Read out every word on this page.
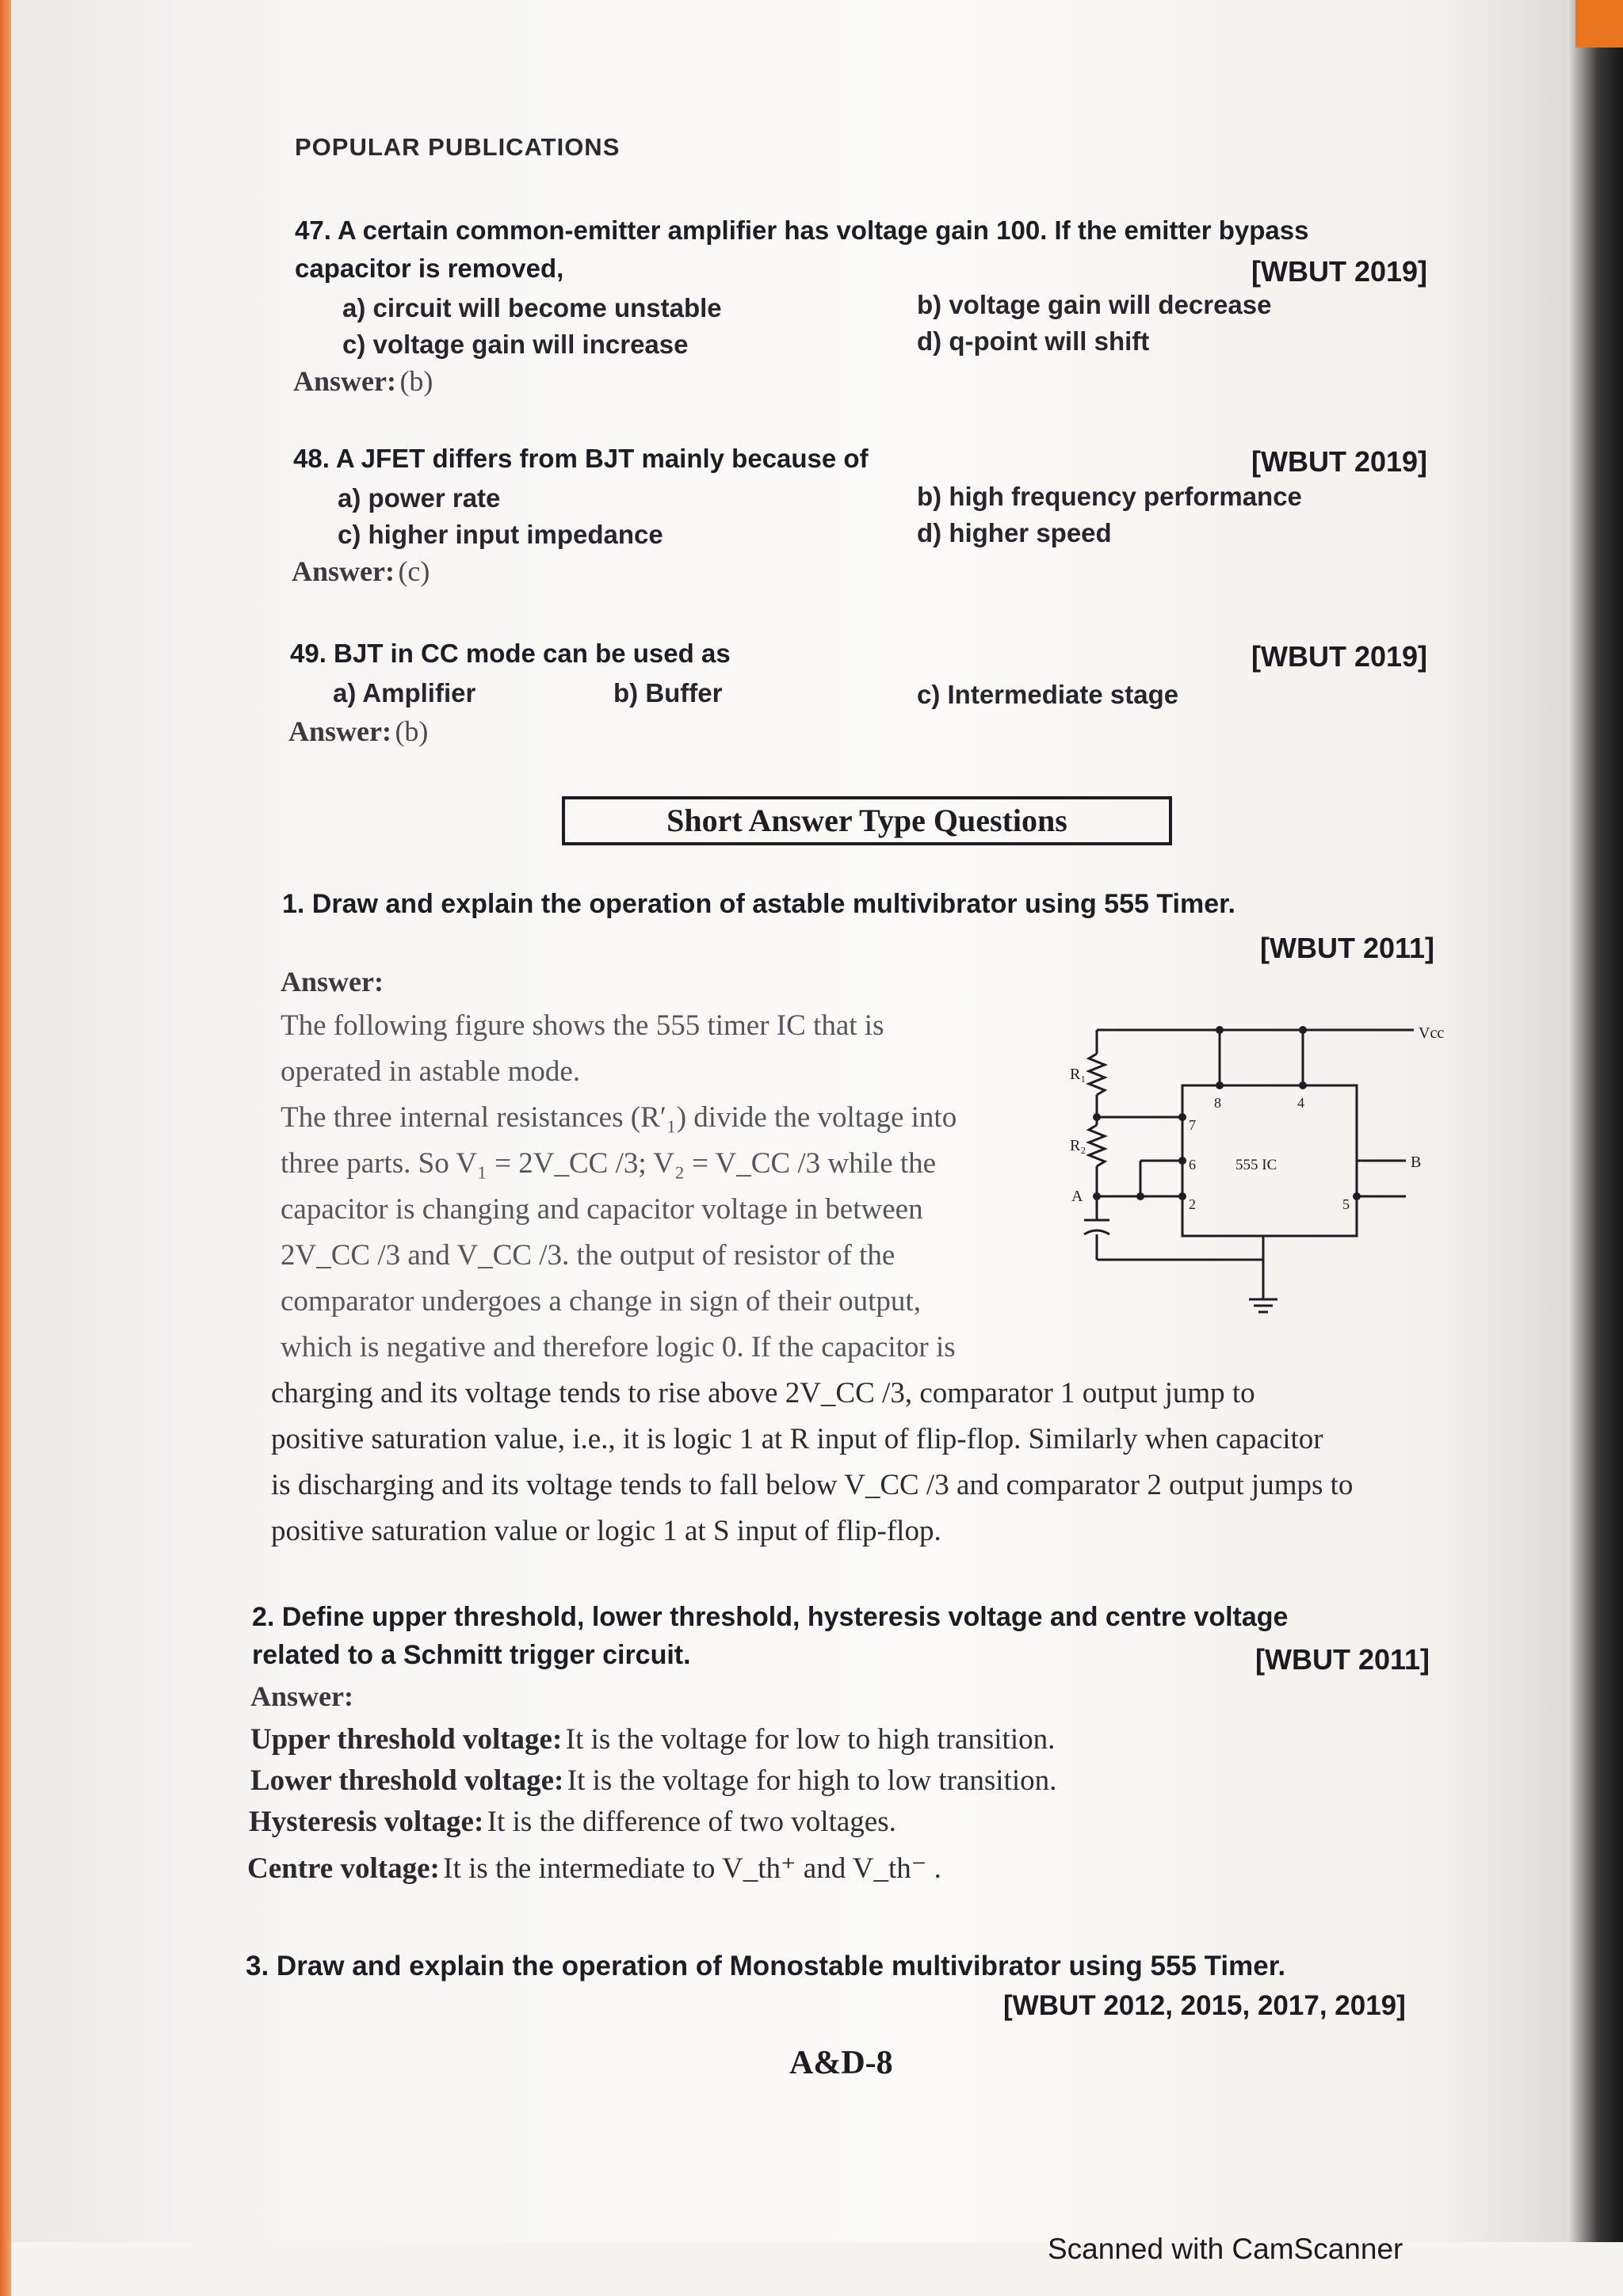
POPULAR PUBLICATIONS
47. A certain common-emitter amplifier has voltage gain 100. If the emitter bypass
capacitor is removed,	[WBUT 2019]
a) circuit will become unstable	b) voltage gain will decrease
c) voltage gain will increase	d) q-point will shift
Answer: (b)
48. A JFET differs from BJT mainly because of	[WBUT 2019]
a) power rate	b) high frequency performance
c) higher input impedance	d) higher speed
Answer: (c)
49. BJT in CC mode can be used as	[WBUT 2019]
a) Amplifier	b) Buffer	c) Intermediate stage
Answer: (b)
Short Answer Type Questions
1. Draw and explain the operation of astable multivibrator using 555 Timer.
[WBUT 2011]
Answer:
The following figure shows the 555 timer IC that is
operated in astable mode.
The three internal resistances (R′₁) divide the voltage into
three parts. So V₁ = 2V_CC /3; V₂ = V_CC /3 while the
capacitor is changing and capacitor voltage in between
2V_CC /3 and V_CC /3. the output of resistor of the
comparator undergoes a change in sign of their output,
which is negative and therefore logic 0. If the capacitor is
charging and its voltage tends to rise above 2V_CC /3, comparator 1 output jump to
positive saturation value, i.e., it is logic 1 at R input of flip-flop. Similarly when capacitor
is discharging and its voltage tends to fall below V_CC /3 and comparator 2 output jumps to
positive saturation value or logic 1 at S input of flip-flop.
Vcc
R₁
R₂
A
B
555 IC
7
6
2
8	4
5
2. Define upper threshold, lower threshold, hysteresis voltage and centre voltage
related to a Schmitt trigger circuit.	[WBUT 2011]
Answer:
Upper threshold voltage: It is the voltage for low to high transition.
Lower threshold voltage: It is the voltage for high to low transition.
Hysteresis voltage: It is the difference of two voltages.
Centre voltage: It is the intermediate to V_th⁺ and V_th⁻ .
3. Draw and explain the operation of Monostable multivibrator using 555 Timer.
[WBUT 2012, 2015, 2017, 2019]
A&D-8
Scanned with CamScanner
